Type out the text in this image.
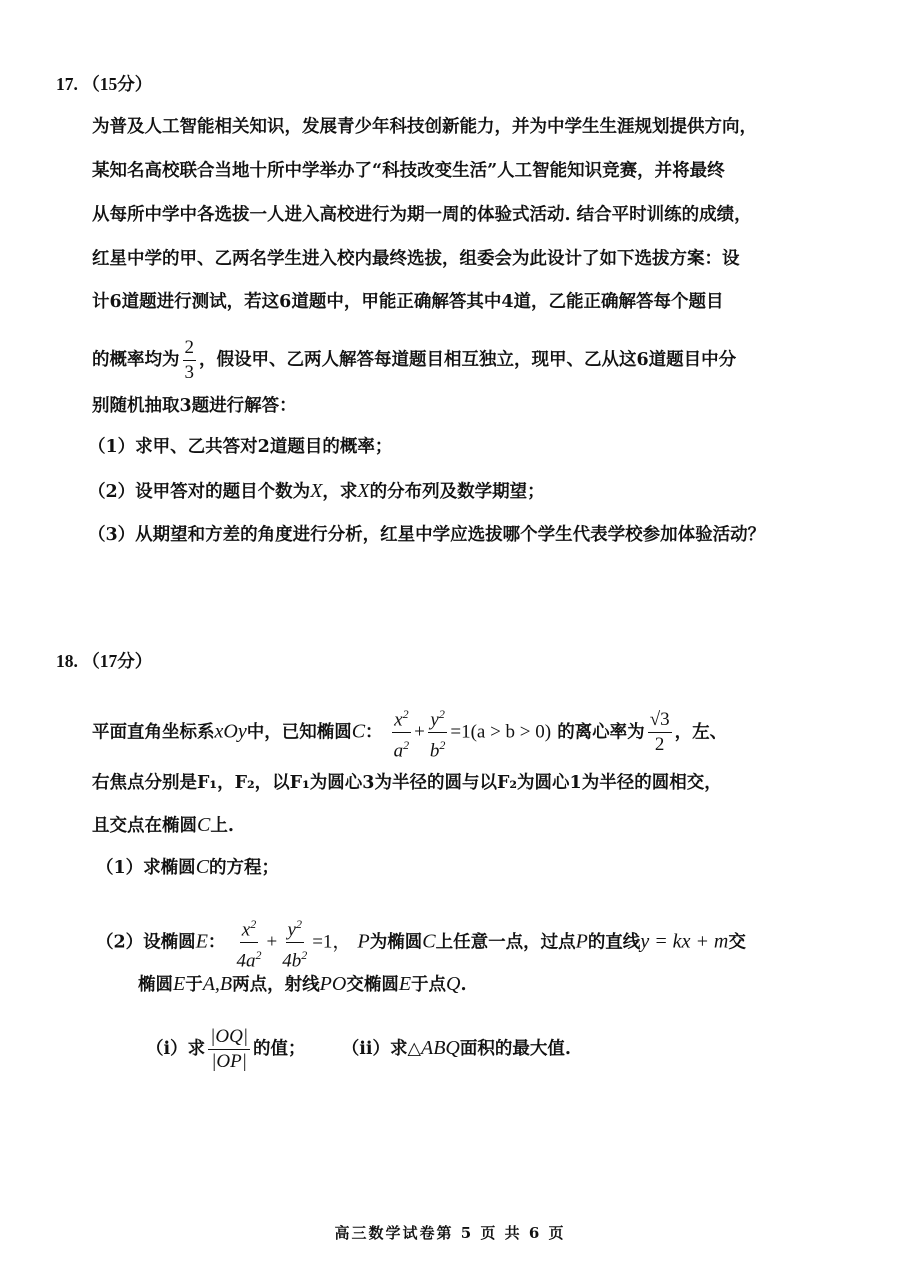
17. （15分）
为普及人工智能相关知识，发展青少年科技创新能力，并为中学生生涯规划提供方向，
某知名高校联合当地十所中学举办了“科技改变生活”人工智能知识竞赛，并将最终
从每所中学中各选拔一人进入高校进行为期一周的体验式活动. 结合平时训练的成绩，
红星中学的甲、乙两名学生进入校内最终选拔，组委会为此设计了如下选拔方案：设
计6道题进行测试，若这6道题中，甲能正确解答其中4道，乙能正确解答每个题目
的概率均为 $\frac{2}{3}$ ，假设甲、乙两人解答每道题目相互独立，现甲、乙从这6道题目中分
别随机抽取3题进行解答：
（1）求甲、乙共答对2道题目的概率；
（2）设甲答对的题目个数为X，求X的分布列及数学期望；
（3）从期望和方差的角度进行分析，红星中学应选拔哪个学生代表学校参加体验活动？
18. （17分）
平面直角坐标系xOy中，已知椭圆C： $\frac{x^2}{a^2} + \frac{y^2}{b^2} =1(a > b > 0)$ 的离心率为 $\frac{√3}{2}$ ，左、
右焦点分别是F₁，F₂，以F₁为圆心3为半径的圆与以F₂为圆心1为半径的圆相交，
且交点在椭圆C上.
（1）求椭圆C的方程；
（2）设椭圆E： $\frac{x^2}{4a^2} + \frac{y^2}{4b^2} =1$， P为椭圆C上任意一点，过点P的直线y = kx + m交
椭圆E于A,B两点，射线PO交椭圆E于点Q.
（i）求 $\frac{|OQ|}{|OP|}$ 的值； （ii）求△ABQ面积的最大值.
高三数学试卷第 5 页 共 6 页
